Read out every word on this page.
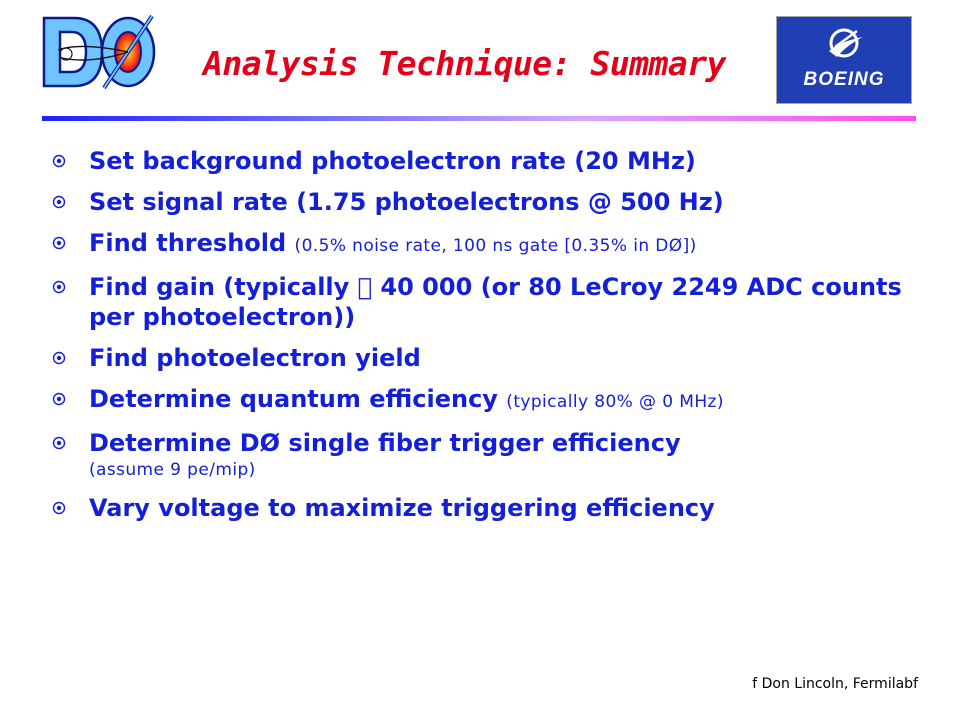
DØ
Analysis Technique: Summary	BOEING
Set background photoelectron rate (20 MHz)
Set signal rate (1.75 photoelectrons @ 500 Hz)
Find threshold (0.5% noise rate, 100 ns gate [0.35% in DØ])
Find gain (typically   40 000 (or 80 LeCroy 2249 ADC counts per photoelectron))
Find photoelectron yield
Determine quantum efficiency (typically 80% @ 0 MHz)
Determine DØ single fiber trigger efficiency
(assume 9 pe/mip)
Vary voltage to maximize triggering efficiency
f Don Lincoln, Fermilabf
